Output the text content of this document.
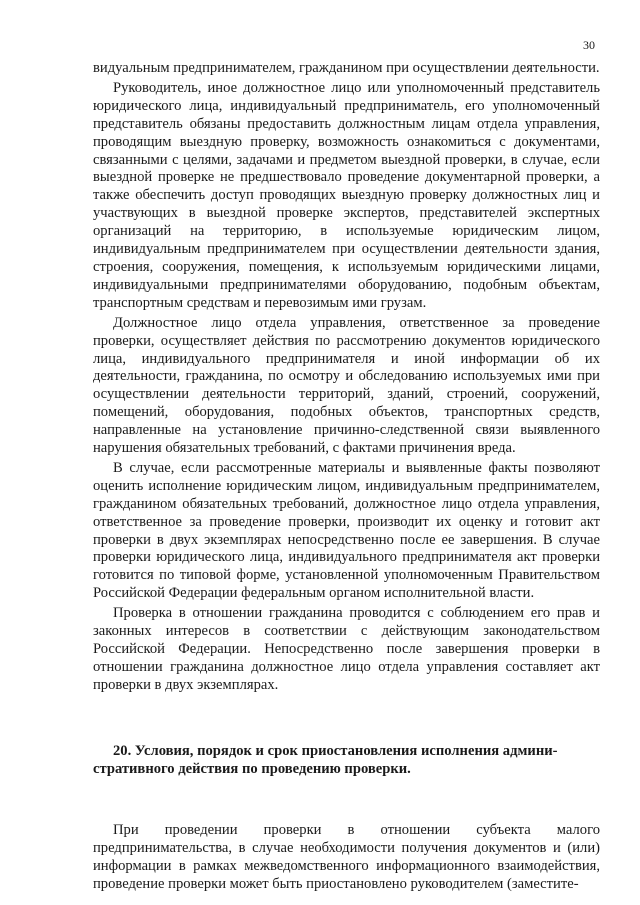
30

видуальным предпринимателем, гражданином при осуществлении деятельности.

Руководитель, иное должностное лицо или уполномоченный представитель юридического лица, индивидуальный предприниматель, его уполномоченный представитель обязаны предоставить должностным лицам отдела управления, проводящим выездную проверку, возможность ознакомиться с документами, связанными с целями, задачами и предметом выездной проверки, в случае, если выездной проверке не предшествовало проведение документарной проверки, а также обеспечить доступ проводящих выездную проверку должностных лиц и участвующих в выездной проверке экспертов, представителей экспертных организаций на территорию, в используемые юридическим лицом, индивидуальным предпринимателем при осуществлении деятельности здания, строения, сооружения, помещения, к используемым юридическими лицами, индивидуальными предпринимателями оборудованию, подобным объектам, транспортным средствам и перевозимым ими грузам.

Должностное лицо отдела управления, ответственное за проведение проверки, осуществляет действия по рассмотрению документов юридического лица, индивидуального предпринимателя и иной информации об их деятельности, гражданина, по осмотру и обследованию используемых ими при осуществлении деятельности территорий, зданий, строений, сооружений, помещений, оборудования, подобных объектов, транспортных средств, направленные на установление причинно-следственной связи выявленного нарушения обязательных требований, с фактами причинения вреда.

В случае, если рассмотренные материалы и выявленные факты позволяют оценить исполнение юридическим лицом, индивидуальным предпринимателем, гражданином обязательных требований, должностное лицо отдела управления, ответственное за проведение проверки, производит их оценку и готовит акт проверки в двух экземплярах непосредственно после ее завершения. В случае проверки юридического лица, индивидуального предпринимателя акт проверки готовится по типовой форме, установленной уполномоченным Правительством Российской Федерации федеральным органом исполнительной власти.

Проверка в отношении гражданина проводится с соблюдением его прав и законных интересов в соответствии с действующим законодательством Российской Федерации. Непосредственно после завершения проверки в отношении гражданина должностное лицо отдела управления составляет акт проверки в двух экземплярах.

20. Условия, порядок и срок приостановления исполнения админи-
стративного действия по проведению проверки.

При проведении проверки в отношении субъекта малого предпринимательства, в случае необходимости получения документов и (или) информации в рамках межведомственного информационного взаимодействия, проведение проверки может быть приостановлено руководителем (заместите-
